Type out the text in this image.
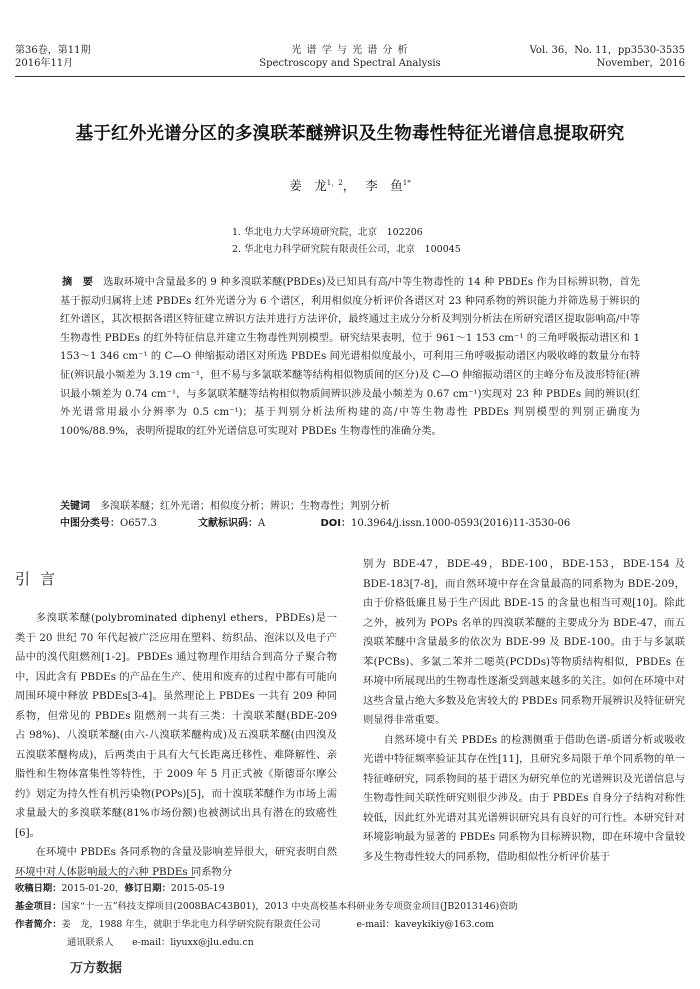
第36卷，第11期
2016年11月
光 谱 学 与 光 谱 分 析
Spectroscopy and Spectral Analysis
Vol. 36，No. 11，pp3530-3535
November，2016
基于红外光谱分区的多溴联苯醚辨识及生物毒性特征光谱信息提取研究
姜　龙$^{1,2}$， 李　鱼$^{1*}$
1. 华北电力大学环境研究院，北京　102206
2. 华北电力科学研究院有限责任公司，北京　100045
摘　要 选取环境中含量最多的 9 种多溴联苯醚(PBDEs)及已知具有高/中等生物毒性的 14 种 PBDEs 作为目标辨识物，首先基于振动归属将上述 PBDEs 红外光谱分为 6 个谱区，利用相似度分析评价各谱区对 23 种同系物的辨识能力并筛选易于辨识的红外谱区，其次根据各谱区特征建立辨识方法并进行方法评价，最终通过主成分分析及判别分析法在所研究谱区提取影响高/中等生物毒性 PBDEs 的红外特征信息并建立生物毒性判别模型。研究结果表明，位于 961～1 153 cm⁻¹ 的三角呼吸振动谱区和 1 153～1 346 cm⁻¹ 的 C—O 伸缩振动谱区对所选 PBDEs 间光谱相似度最小，可利用三角呼吸振动谱区内吸收峰的数量分布特征(辨识最小频差为 3.19 cm⁻¹，但不易与多氯联苯醚等结构相似物质间的区分)及 C—O 伸缩振动谱区的主峰分布及波形特征(辨识最小频差为 0.74 cm⁻¹，与多氯联苯醚等结构相似物质间辨识涉及最小频差为 0.67 cm⁻¹)实现对 23 种 PBDEs 间的辨识(红外光谱常用最小分辨率为 0.5 cm⁻¹)；基于判别分析法所构建的高/中等生物毒性 PBDEs 判别模型的判别正确度为 100%/88.9%，表明所提取的红外光谱信息可实现对 PBDEs 生物毒性的准确分类。
关键词 多溴联苯醚；红外光谱；相似度分析；辨识；生物毒性；判别分析
中图分类号：O657.3	文献标识码：A	DOI：10.3964/j.issn.1000-0593(2016)11-3530-06
引言
多溴联苯醚(polybrominated diphenyl ethers，PBDEs)是一类于 20 世纪 70 年代起被广泛应用在塑料、纺织品、泡沫以及电子产品中的溴代阻燃剂[1-2]。PBDEs 通过物理作用结合到高分子聚合物中，因此含有 PBDEs 的产品在生产、使用和废弃的过程中都有可能向周围环境中释放 PBDEs[3-4]。虽然理论上 PBDEs 一共有 209 种同系物，但常见的 PBDEs 阻燃剂一共有三类：十溴联苯醚(BDE-209 占 98%)、八溴联苯醚(由六-八溴联苯醚构成)及五溴联苯醚(由四溴及五溴联苯醚构成)，后两类由于具有大气长距离迁移性、难降解性、亲脂性和生物体富集性等特性，于 2009 年 5 月正式被《斯德哥尔摩公约》划定为持久性有机污染物(POPs)[5]，而十溴联苯醚作为市场上需求量最大的多溴联苯醚(81%市场份额)也被测试出具有潜在的致癌性[6]。
在环境中 PBDEs 各同系物的含量及影响差异很大，研究表明自然环境中对人体影响最大的六种 PBDEs 同系物分
别为 BDE-47，BDE-49，BDE-100，BDE-153，BDE-154 及 BDE-183[7-8]，而自然环境中存在含量最高的同系物为 BDE-209，由于价格低廉且易于生产因此 BDE-15 的含量也相当可观[10]。除此之外，被列为 POPs 名单的四溴联苯醚的主要成分为 BDE-47，而五溴联苯醚中含量最多的依次为 BDE-99 及 BDE-100。由于与多氯联苯(PCBs)、多氯二苯并二噁英(PCDDs)等物质结构相似，PBDEs 在环境中所展现出的生物毒性逐渐受到越来越多的关注。如何在环境中对这些含量占绝大多数及危害较大的 PBDEs 同系物开展辨识及特征研究则显得非常重要。
自然环境中有关 PBDEs 的检测侧重于借助色谱-质谱分析或吸收光谱中特征频率验证其存在性[11]，且研究多局限于单个同系物的单一特征峰研究，同系物间的基于谱区为研究单位的光谱辨识及光谱信息与生物毒性间关联性研究则很少涉及。由于 PBDEs 自身分子结构对称性较低，因此红外光谱对其光谱辨识研究具有良好的可行性。本研究针对环境影响最为显著的 PBDEs 同系物为目标辨识物，即在环境中含量较多及生物毒性较大的同系物，借助相似性分析评价基于
收稿日期：2015-01-20，修订日期：2015-05-19
基金项目：国家“十一五”科技支撑项目(2008BAC43B01)，2013 中央高校基本科研业务专项资金项目(JB2013146)资助
作者简介：姜　龙，1988 年生，就职于华北电力科学研究院有限责任公司	e-mail：kaveykikiy@163.com
通讯联系人　　e-mail：liyuxx@jlu.edu.cn
万方数据
